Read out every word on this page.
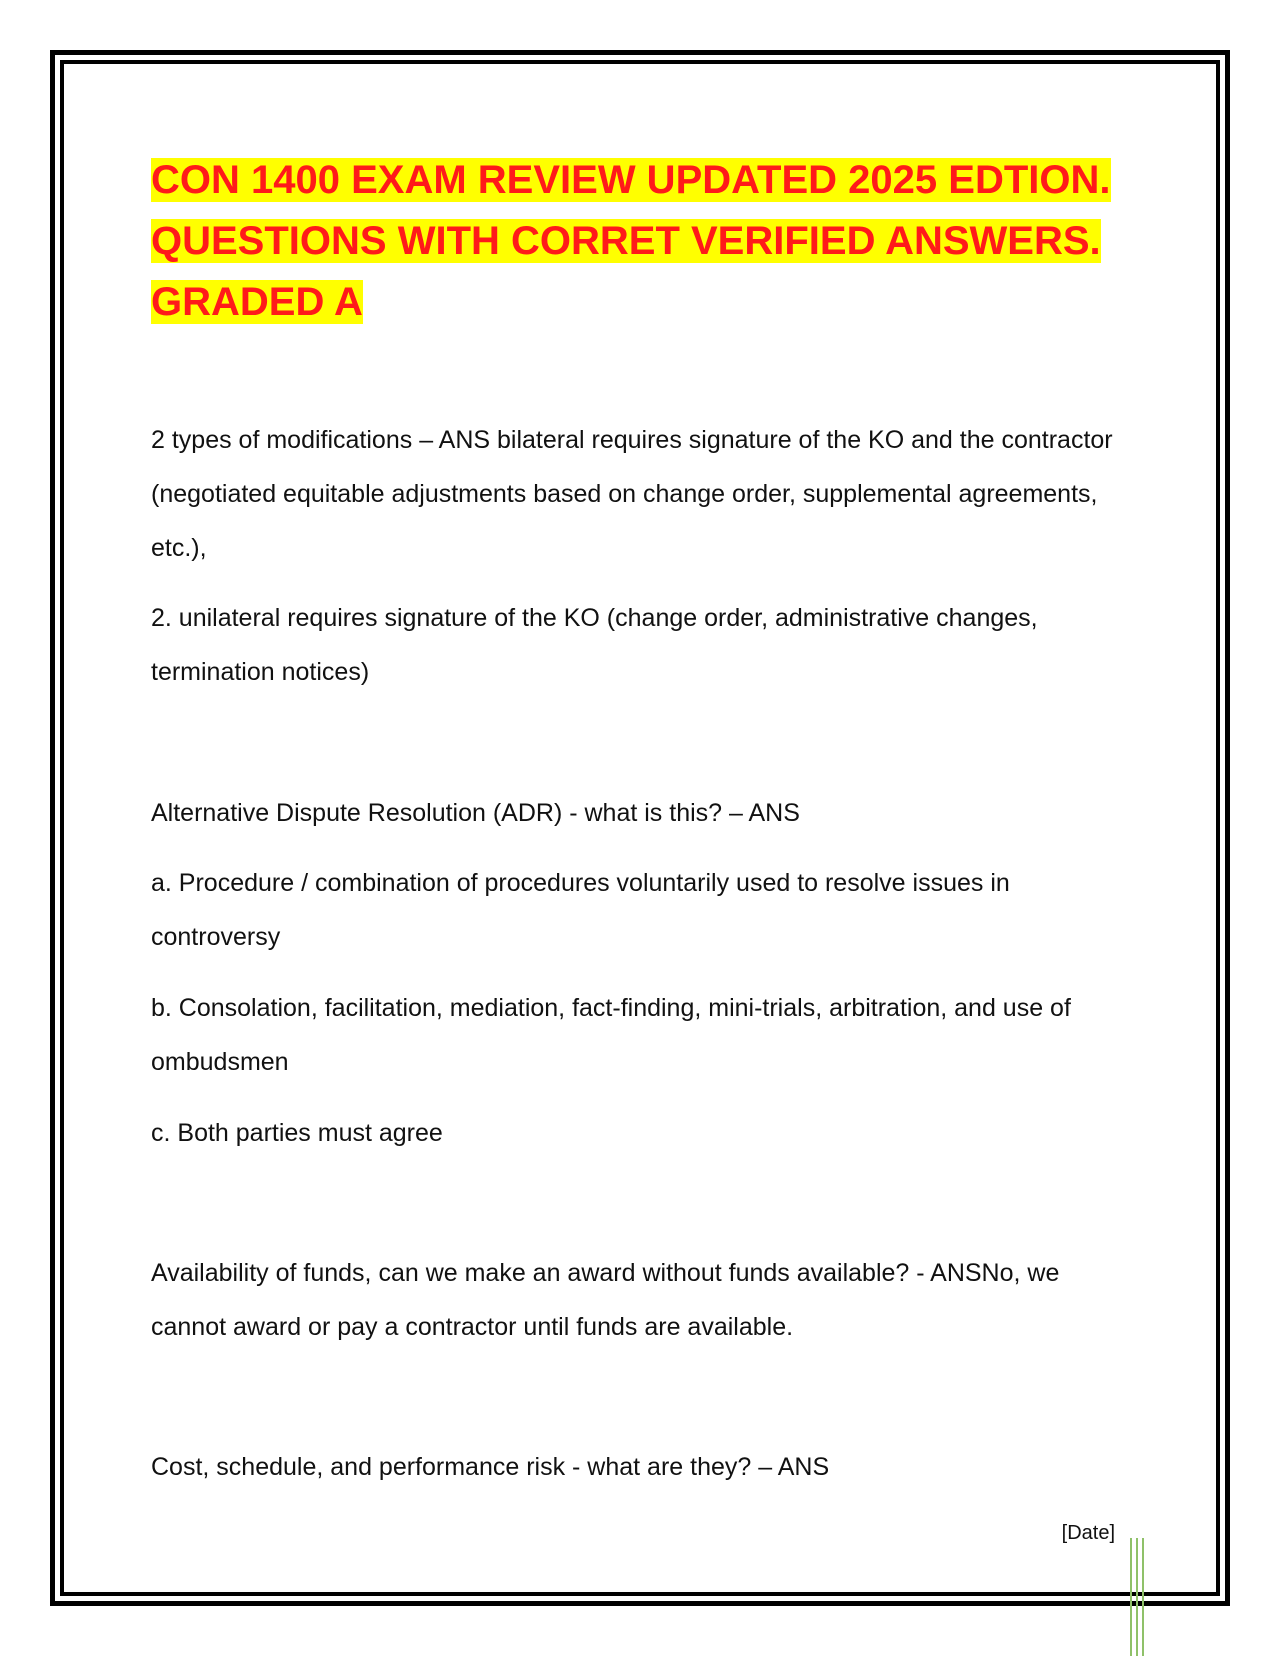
CON 1400 EXAM REVIEW UPDATED 2025 EDTION. QUESTIONS WITH CORRET VERIFIED ANSWERS. GRADED A

2 types of modifications – ANS bilateral requires signature of the KO and the contractor (negotiated equitable adjustments based on change order, supplemental agreements, etc.),

2. unilateral requires signature of the KO (change order, administrative changes, termination notices)

Alternative Dispute Resolution (ADR) - what is this? – ANS

a. Procedure / combination of procedures voluntarily used to resolve issues in controversy

b. Consolation, facilitation, mediation, fact-finding, mini-trials, arbitration, and use of ombudsmen

c. Both parties must agree

Availability of funds, can we make an award without funds available? - ANSNo, we cannot award or pay a contractor until funds are available.

Cost, schedule, and performance risk - what are they? – ANS

[Date]
